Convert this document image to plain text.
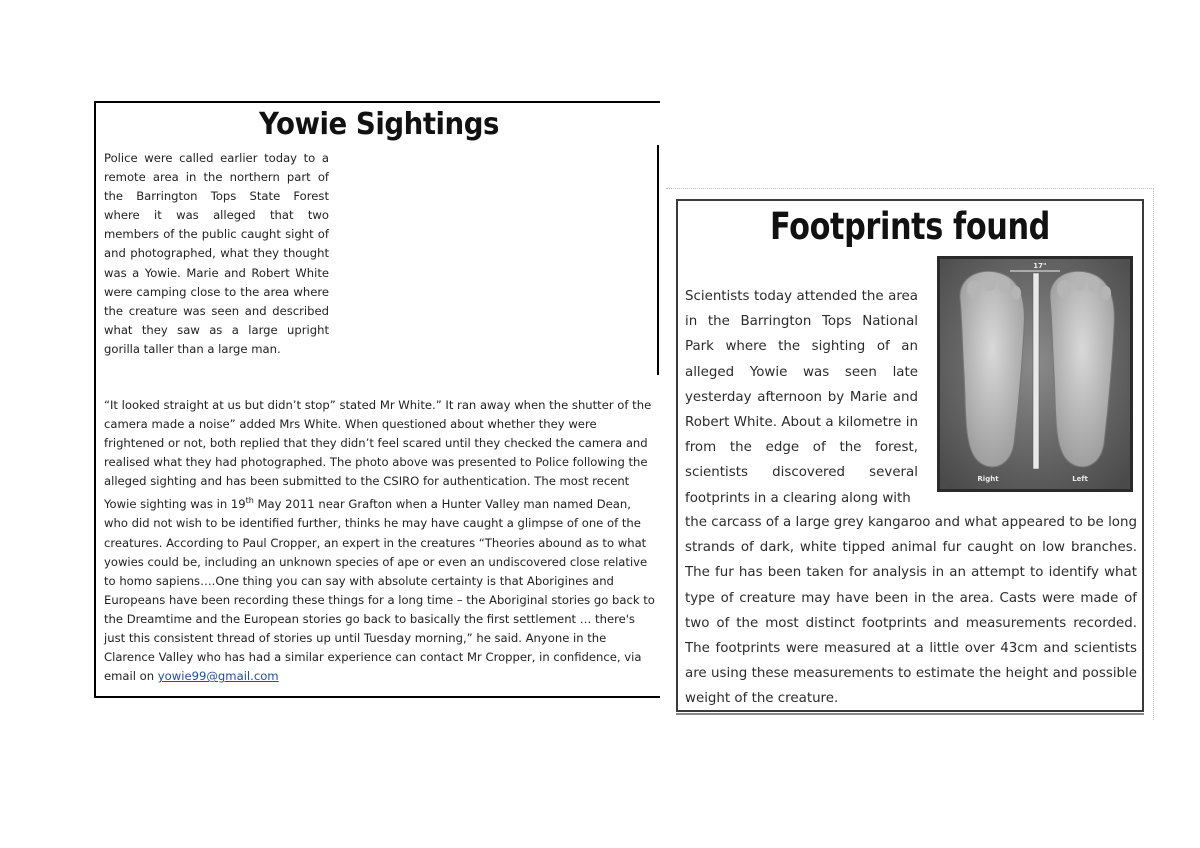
Yowie Sightings

Police were called earlier today to a remote area in the northern part of the Barrington Tops State Forest where it was alleged that two members of the public caught sight of and photographed, what they thought was a Yowie. Marie and Robert White were camping close to the area where the creature was seen and described what they saw as a large upright gorilla taller than a large man.

“It looked straight at us but didn’t stop” stated Mr White.” It ran away when the shutter of the camera made a noise” added Mrs White. When questioned about whether they were frightened or not, both replied that they didn’t feel scared until they checked the camera and realised what they had photographed. The photo above was presented to Police following the alleged sighting and has been submitted to the CSIRO for authentication. The most recent Yowie sighting was in 19th May 2011 near Grafton when a Hunter Valley man named Dean, who did not wish to be identified further, thinks he may have caught a glimpse of one of the creatures. According to Paul Cropper, an expert in the creatures “Theories abound as to what yowies could be, including an unknown species of ape or even an undiscovered close relative to homo sapiens….One thing you can say with absolute certainty is that Aborigines and Europeans have been recording these things for a long time – the Aboriginal stories go back to the Dreamtime and the European stories go back to basically the first settlement … there's just this consistent thread of stories up until Tuesday morning,” he said. Anyone in the Clarence Valley who has had a similar experience can contact Mr Cropper, in confidence, via email on yowie99@gmail.com

Footprints found
17"
Right	Left

Scientists today attended the area in the Barrington Tops National Park where the sighting of an alleged Yowie was seen late yesterday afternoon by Marie and Robert White. About a kilometre in from the edge of the forest, scientists discovered several footprints in a clearing along with

the carcass of a large grey kangaroo and what appeared to be long strands of dark, white tipped animal fur caught on low branches. The fur has been taken for analysis in an attempt to identify what type of creature may have been in the area. Casts were made of two of the most distinct footprints and measurements recorded. The footprints were measured at a little over 43cm and scientists are using these measurements to estimate the height and possible weight of the creature.
